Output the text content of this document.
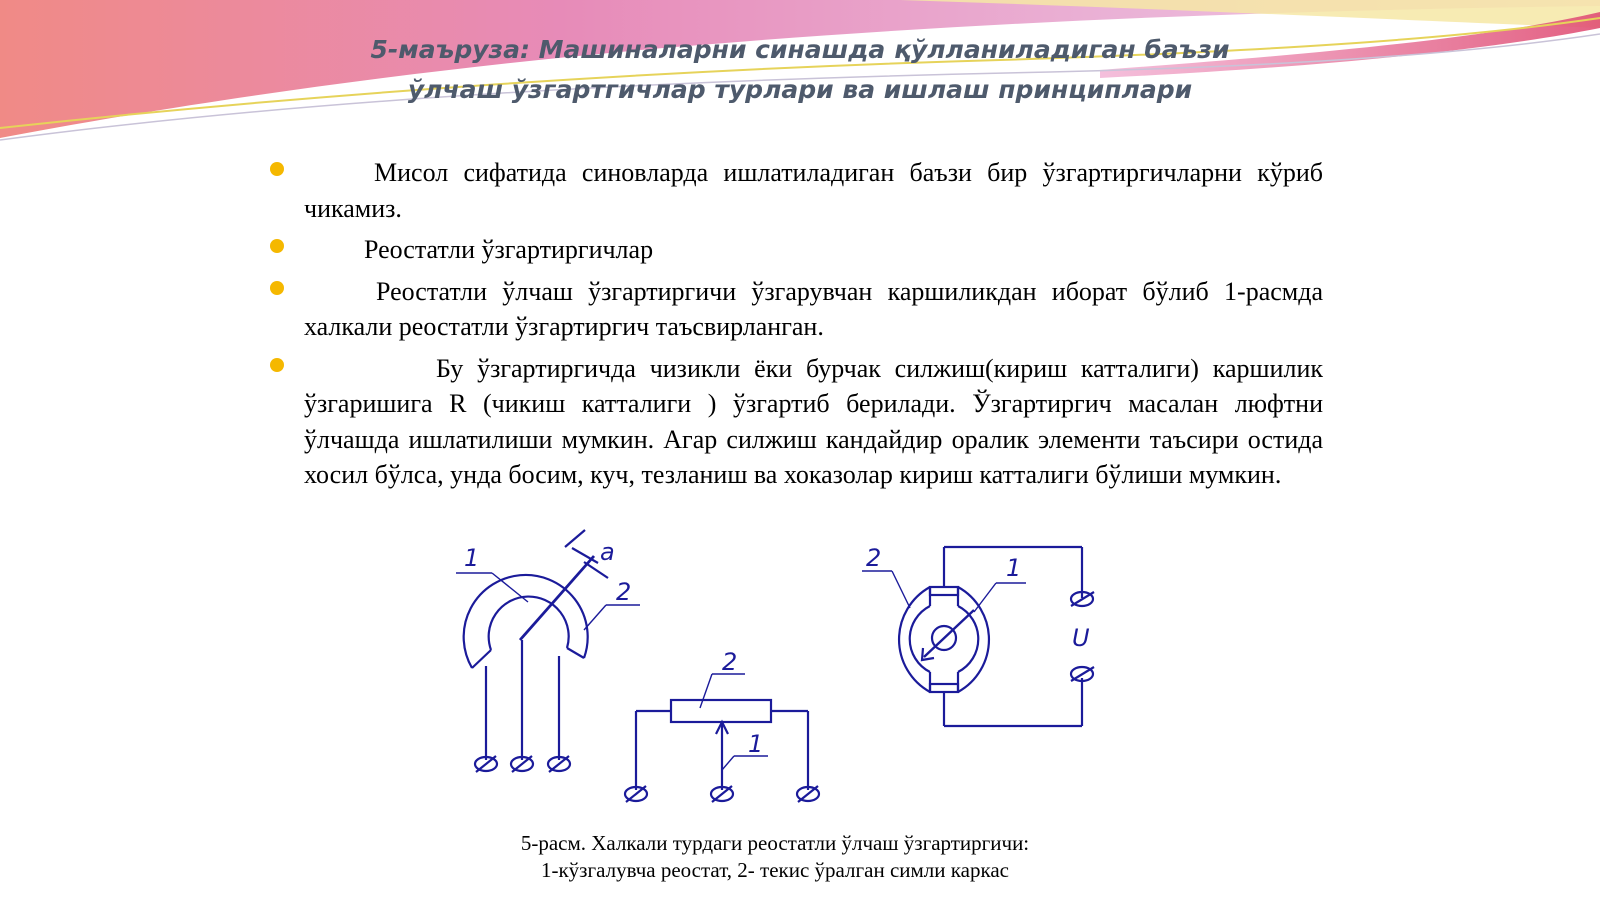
5-маъруза: Машиналарни синашда қўлланиладиган баъзи
ўлчаш ўзгартгичлар турлари ва ишлаш принциплари
Мисол сифатида синовларда ишлатиладиган баъзи бир ўзгартиргичларни кўриб чикамиз.
Реостатли ўзгартиргичлар
Реостатли ўлчаш ўзгартиргичи ўзгарувчан каршиликдан иборат бўлиб 1-расмда халкали реостатли ўзгартиргич таъсвирланган.
Бу ўзгартиргичда чизикли ёки бурчак силжиш(кириш катталиги) каршилик ўзгаришига R (чикиш катталиги ) ўзгартиб берилади. Ўзгартиргич масалан люфтни ўлчашда ишлатилиши мумкин. Агар силжиш кандайдир оралик элементи таъсири остида хосил бўлса, унда босим, куч, тезланиш ва хоказолар кириш катталиги бўлиши мумкин.
1	a
2
2
1
2	1
U
5-расм. Халкали турдаги реостатли ўлчаш ўзгартиргичи:
1-кўзгалувча реостат, 2- текис ўралган симли каркас
